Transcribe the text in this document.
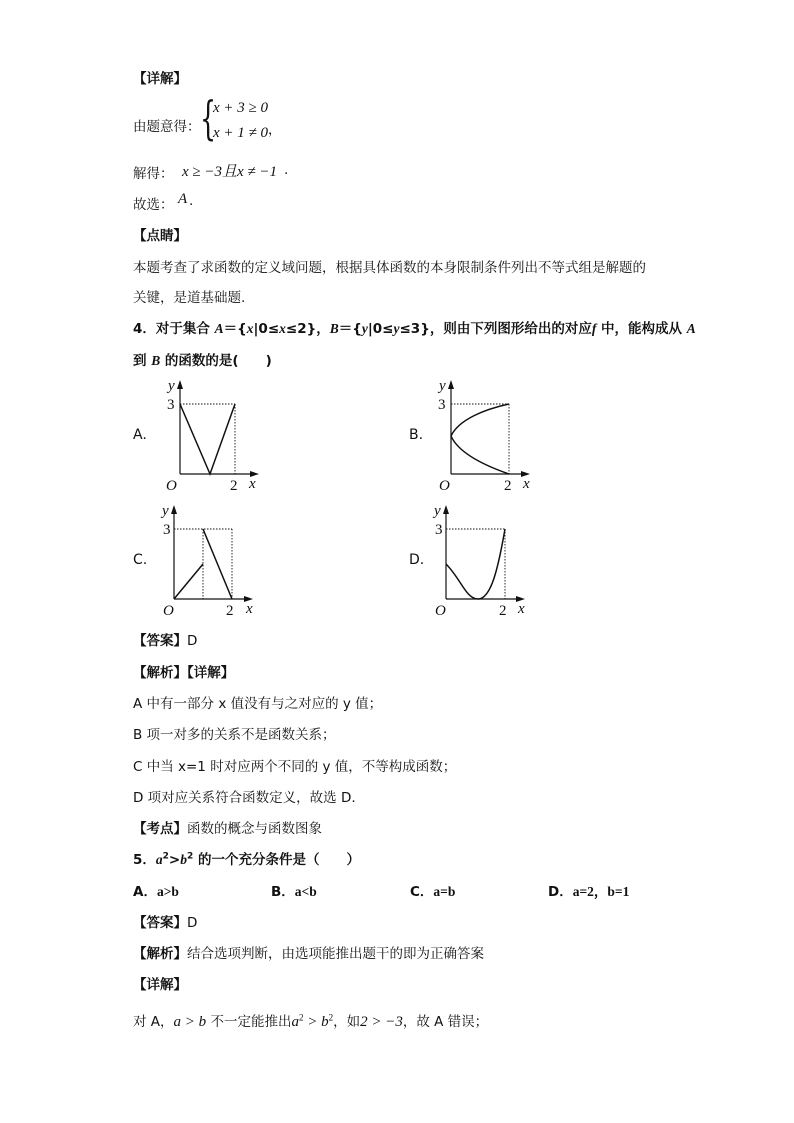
【详解】
由题意得： {
x + 3 ≥ 0
x + 1 ≠ 0 ，
解得： x ≥ −3且x ≠ −1 .
故选： A .
【点睛】
本题考查了求函数的定义域问题，根据具体函数的本身限制条件列出不等式组是解题的
关键，是道基础题.
4．对于集合 A＝{x|0≤x≤2}，B＝{y|0≤y≤3}，则由下列图形给出的对应f 中，能构成从 A
到 B 的函数的是(　　)
A.	B.
C.	D.
y
3
O	2 x
y
3
O	2 x
y
3
O	2 x
y
3
O	2 x
【答案】D
【解析】【详解】
A 中有一部分 x 值没有与之对应的 y 值；
B 项一对多的关系不是函数关系；
C 中当 x=1 时对应两个不同的 y 值，不等构成函数；
D 项对应关系符合函数定义，故选 D.
【考点】函数的概念与函数图象
5．$a^2>b^2$ 的一个充分条件是（　　）
A．a>b	B．a<b	C．a=b	D．a=2，b=1
【答案】D
【解析】结合选项判断，由选项能推出题干的即为正确答案
【详解】
对 A，a > b 不一定能推出$a^2 > b^2$，如2 > −3，故 A 错误；
